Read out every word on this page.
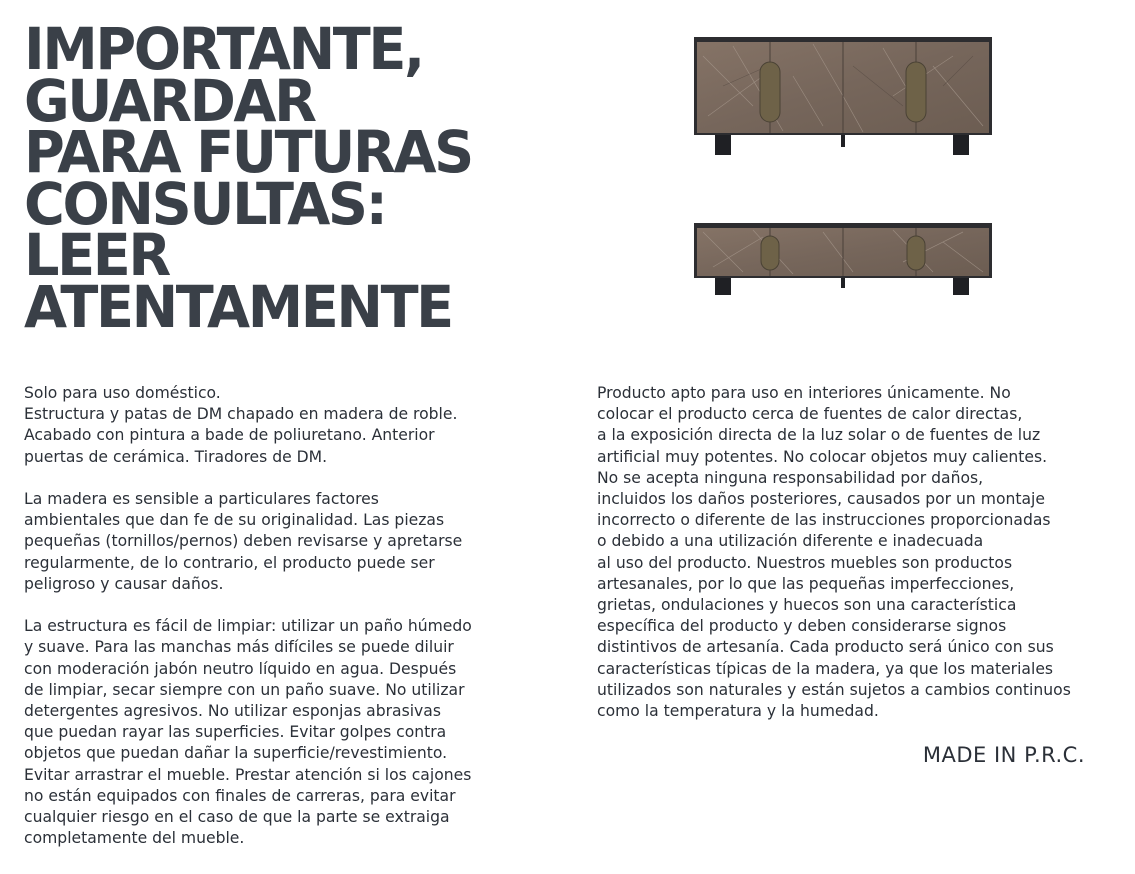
IMPORTANTE,
GUARDAR
PARA FUTURAS
CONSULTAS:
LEER
ATENTAMENTE

Solo para uso doméstico.
Estructura y patas de DM chapado en madera de roble.
Acabado con pintura a bade de poliuretano. Anterior
puertas de cerámica. Tiradores de DM.

La madera es sensible a particulares factores
ambientales que dan fe de su originalidad. Las piezas
pequeñas (tornillos/pernos) deben revisarse y apretarse
regularmente, de lo contrario, el producto puede ser
peligroso y causar daños.

La estructura es fácil de limpiar: utilizar un paño húmedo
y suave. Para las manchas más difíciles se puede diluir
con moderación jabón neutro líquido en agua. Después
de limpiar, secar siempre con un paño suave. No utilizar
detergentes agresivos. No utilizar esponjas abrasivas
que puedan rayar las superficies. Evitar golpes contra
objetos que puedan dañar la superficie/revestimiento.
Evitar arrastrar el mueble. Prestar atención si los cajones
no están equipados con finales de carreras, para evitar
cualquier riesgo en el caso de que la parte se extraiga
completamente del mueble.

Producto apto para uso en interiores únicamente. No
colocar el producto cerca de fuentes de calor directas,
a la exposición directa de la luz solar o de fuentes de luz
artificial muy potentes. No colocar objetos muy calientes.
No se acepta ninguna responsabilidad por daños,
incluidos los daños posteriores, causados por un montaje
incorrecto o diferente de las instrucciones proporcionadas
o debido a una utilización diferente e inadecuada
al uso del producto. Nuestros muebles son productos
artesanales, por lo que las pequeñas imperfecciones,
grietas, ondulaciones y huecos son una característica
específica del producto y deben considerarse signos
distintivos de artesanía. Cada producto será único con sus
características típicas de la madera, ya que los materiales
utilizados son naturales y están sujetos a cambios continuos
como la temperatura y la humedad.

MADE IN P.R.C.
